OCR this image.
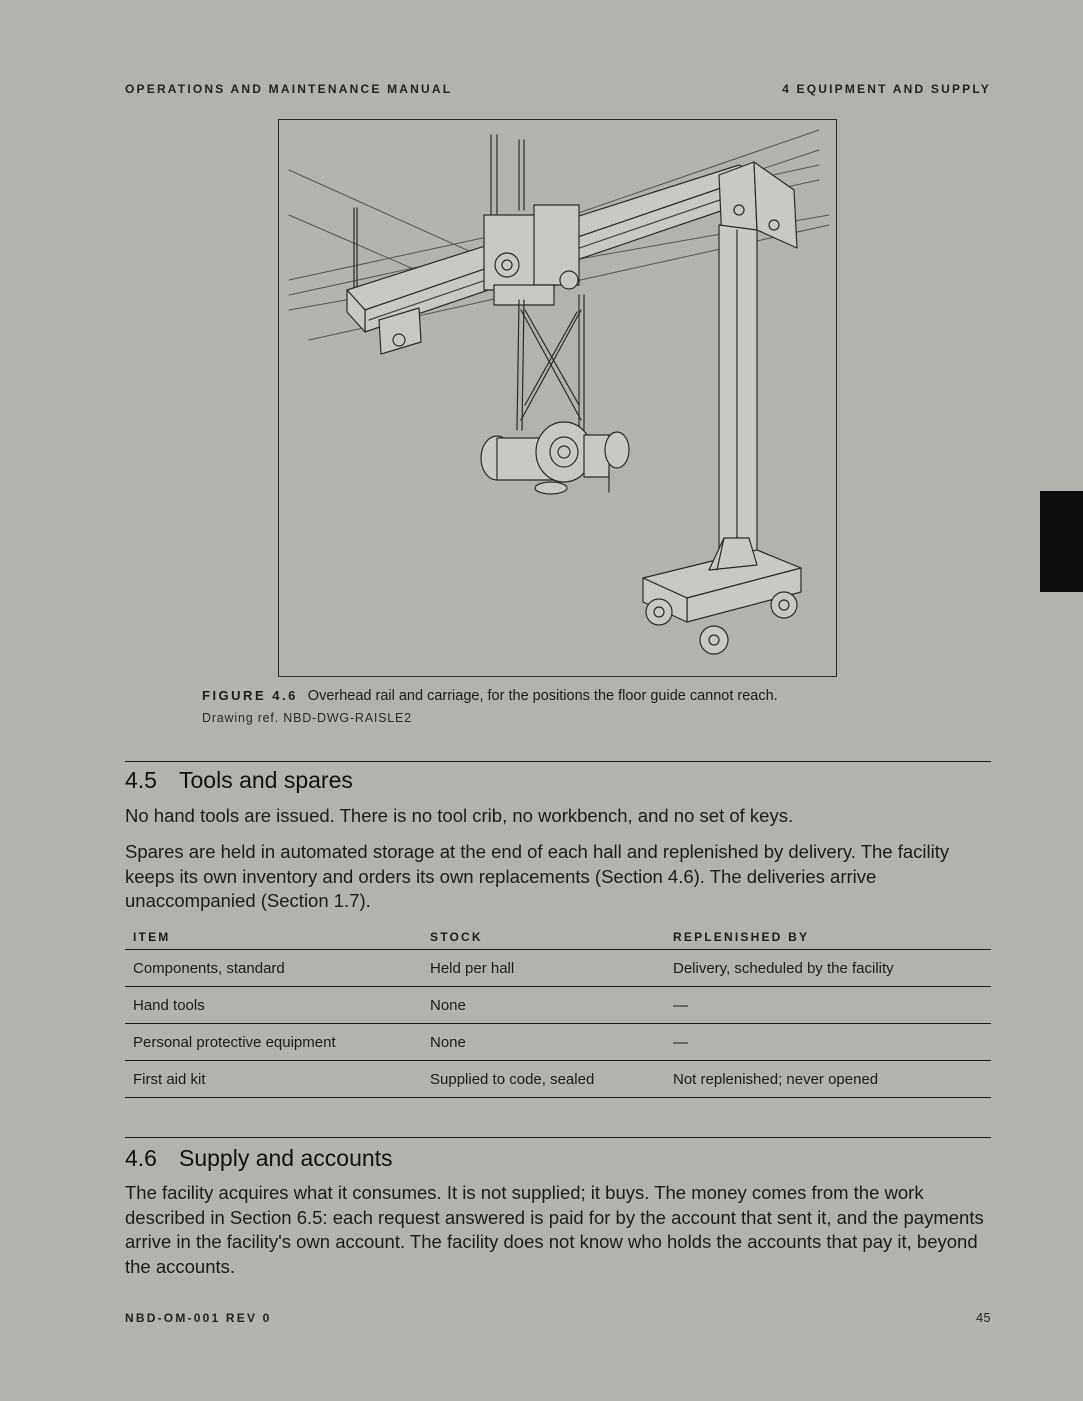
OPERATIONS AND MAINTENANCE MANUAL	4 EQUIPMENT AND SUPPLY
FIGURE 4.6 Overhead rail and carriage, for the positions the floor guide cannot reach.
Drawing ref. NBD-DWG-RAISLE2
4.5 Tools and spares

No hand tools are issued. There is no tool crib, no workbench, and no set of keys.

Spares are held in automated storage at the end of each hall and replenished by delivery. The facility keeps its own inventory and orders its own replacements (Section 4.6). The deliveries arrive unaccompanied (Section 1.7).

ITEM	STOCK	REPLENISHED BY
Components, standard	Held per hall	Delivery, scheduled by the facility
Hand tools	None	—
Personal protective equipment	None	—
First aid kit	Supplied to code, sealed	Not replenished; never opened
4.6 Supply and accounts

The facility acquires what it consumes. It is not supplied; it buys. The money comes from the work described in Section 6.5: each request answered is paid for by the account that sent it, and the payments arrive in the facility's own account. The facility does not know who holds the accounts that pay it, beyond the accounts.

NBD-OM-001 REV 0	45
